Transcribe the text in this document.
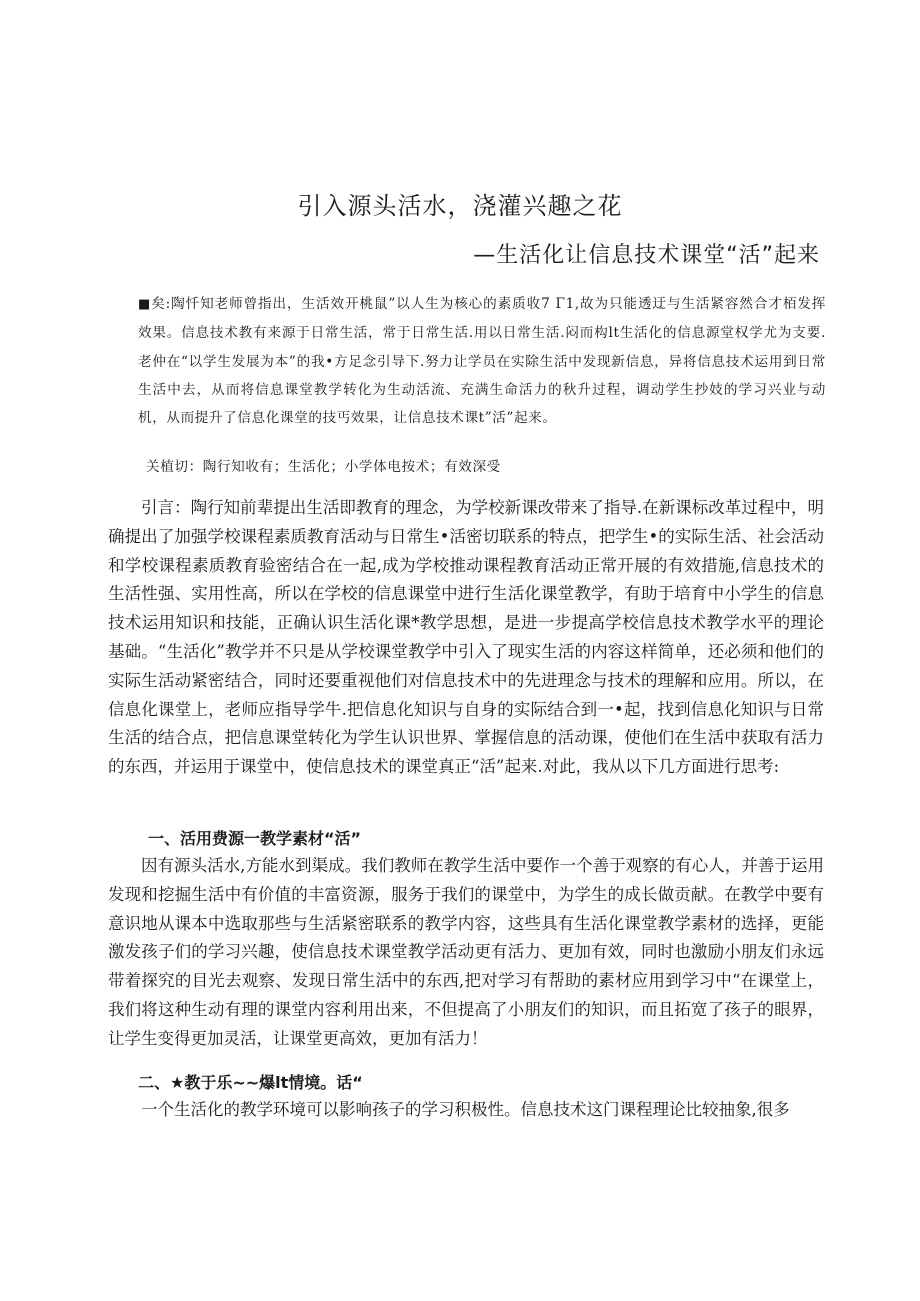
引入源头活水，浇灌兴趣之花
—生活化让信息技术课堂“活”起来
■矣:陶忏知老师曾指出，生活效开桃鼠”以人生为核心的素质收7 Γ1,故为只能透迂与生活紧容然合才栢发挥效果。信息技术教有来源于日常生活，常于日常生活.用以日常生活.闷而构lt生活化的信息源堂权学尤为支要.老仲在“以学生发展为本”的我•方足念引导下.努力让学员在实除生活中发现新信息，异将信息技术运用到日常生活中去，从而将信息课堂教学转化为生动活流、充满生命活力的秋升过程，调动学生抄妓的学习兴业与动机，从而提升了信息化课堂的技丐效果，让信息技术课t”活”起来。
关植切：陶行知收有；生活化；小学体电按术；有效深受

引言：陶行知前辈提出生活即教育的理念，为学校新课改带来了指导.在新课标改革过程中，明确提出了加强学校课程素质教育活动与日常生•活密切联系的特点，把学生•的实际生活、社会活动和学校课程素质教育验密结合在一起,成为学校推动课程教育活动正常开展的有效措施,信息技术的生活性强、实用性高，所以在学校的信息课堂中进行生活化课堂教学，有助于培育中小学生的信息技术运用知识和技能，正确认识生活化课*教学思想，是进一步提高学校信息技术教学水平的理论基础。“生活化”教学并不只是从学校课堂教学中引入了现实生活的内容这样简单，还必须和他们的实际生活动紧密结合，同时还要重视他们对信息技术中的先进理念与技术的理解和应用。所以，在信息化课堂上，老师应指导学牛.把信息化知识与自身的实际结合到一•起，找到信息化知识与日常生活的结合点，把信息课堂转化为学生认识世界、掌握信息的活动课，使他们在生活中获取有活力的东西，并运用于课堂中，使信息技术的课堂真正“活”起来.对此，我从以下几方面进行思考:

一、活用费源一教学素材“活”

因有源头活水,方能水到渠成。我们教师在教学生活中要作一个善于观察的有心人，并善于运用发现和挖掘生活中有价值的丰富资源，服务于我们的课堂中，为学生的成长做贡献。在教学中要有意识地从课本中选取那些与生活紧密联系的教学内容，这些具有生活化课堂教学素材的选择，更能激发孩子们的学习兴趣，使信息技术课堂教学活动更有活力、更加有效，同时也激励小朋友们永远带着探究的目光去观察、发现日常生活中的东西,把对学习有帮助的素材应用到学习中“在课堂上，我们将这种生动有理的课堂内容利用出来，不但提高了小朋友们的知识，而且拓宽了孩子的眼界，让学生变得更加灵活，让课堂更高效，更加有活力！

二、★教于乐~~爆lt情境。话“

一个生活化的教学环境可以影响孩子的学习积极性。信息技术这门课程理论比较抽象,很多
